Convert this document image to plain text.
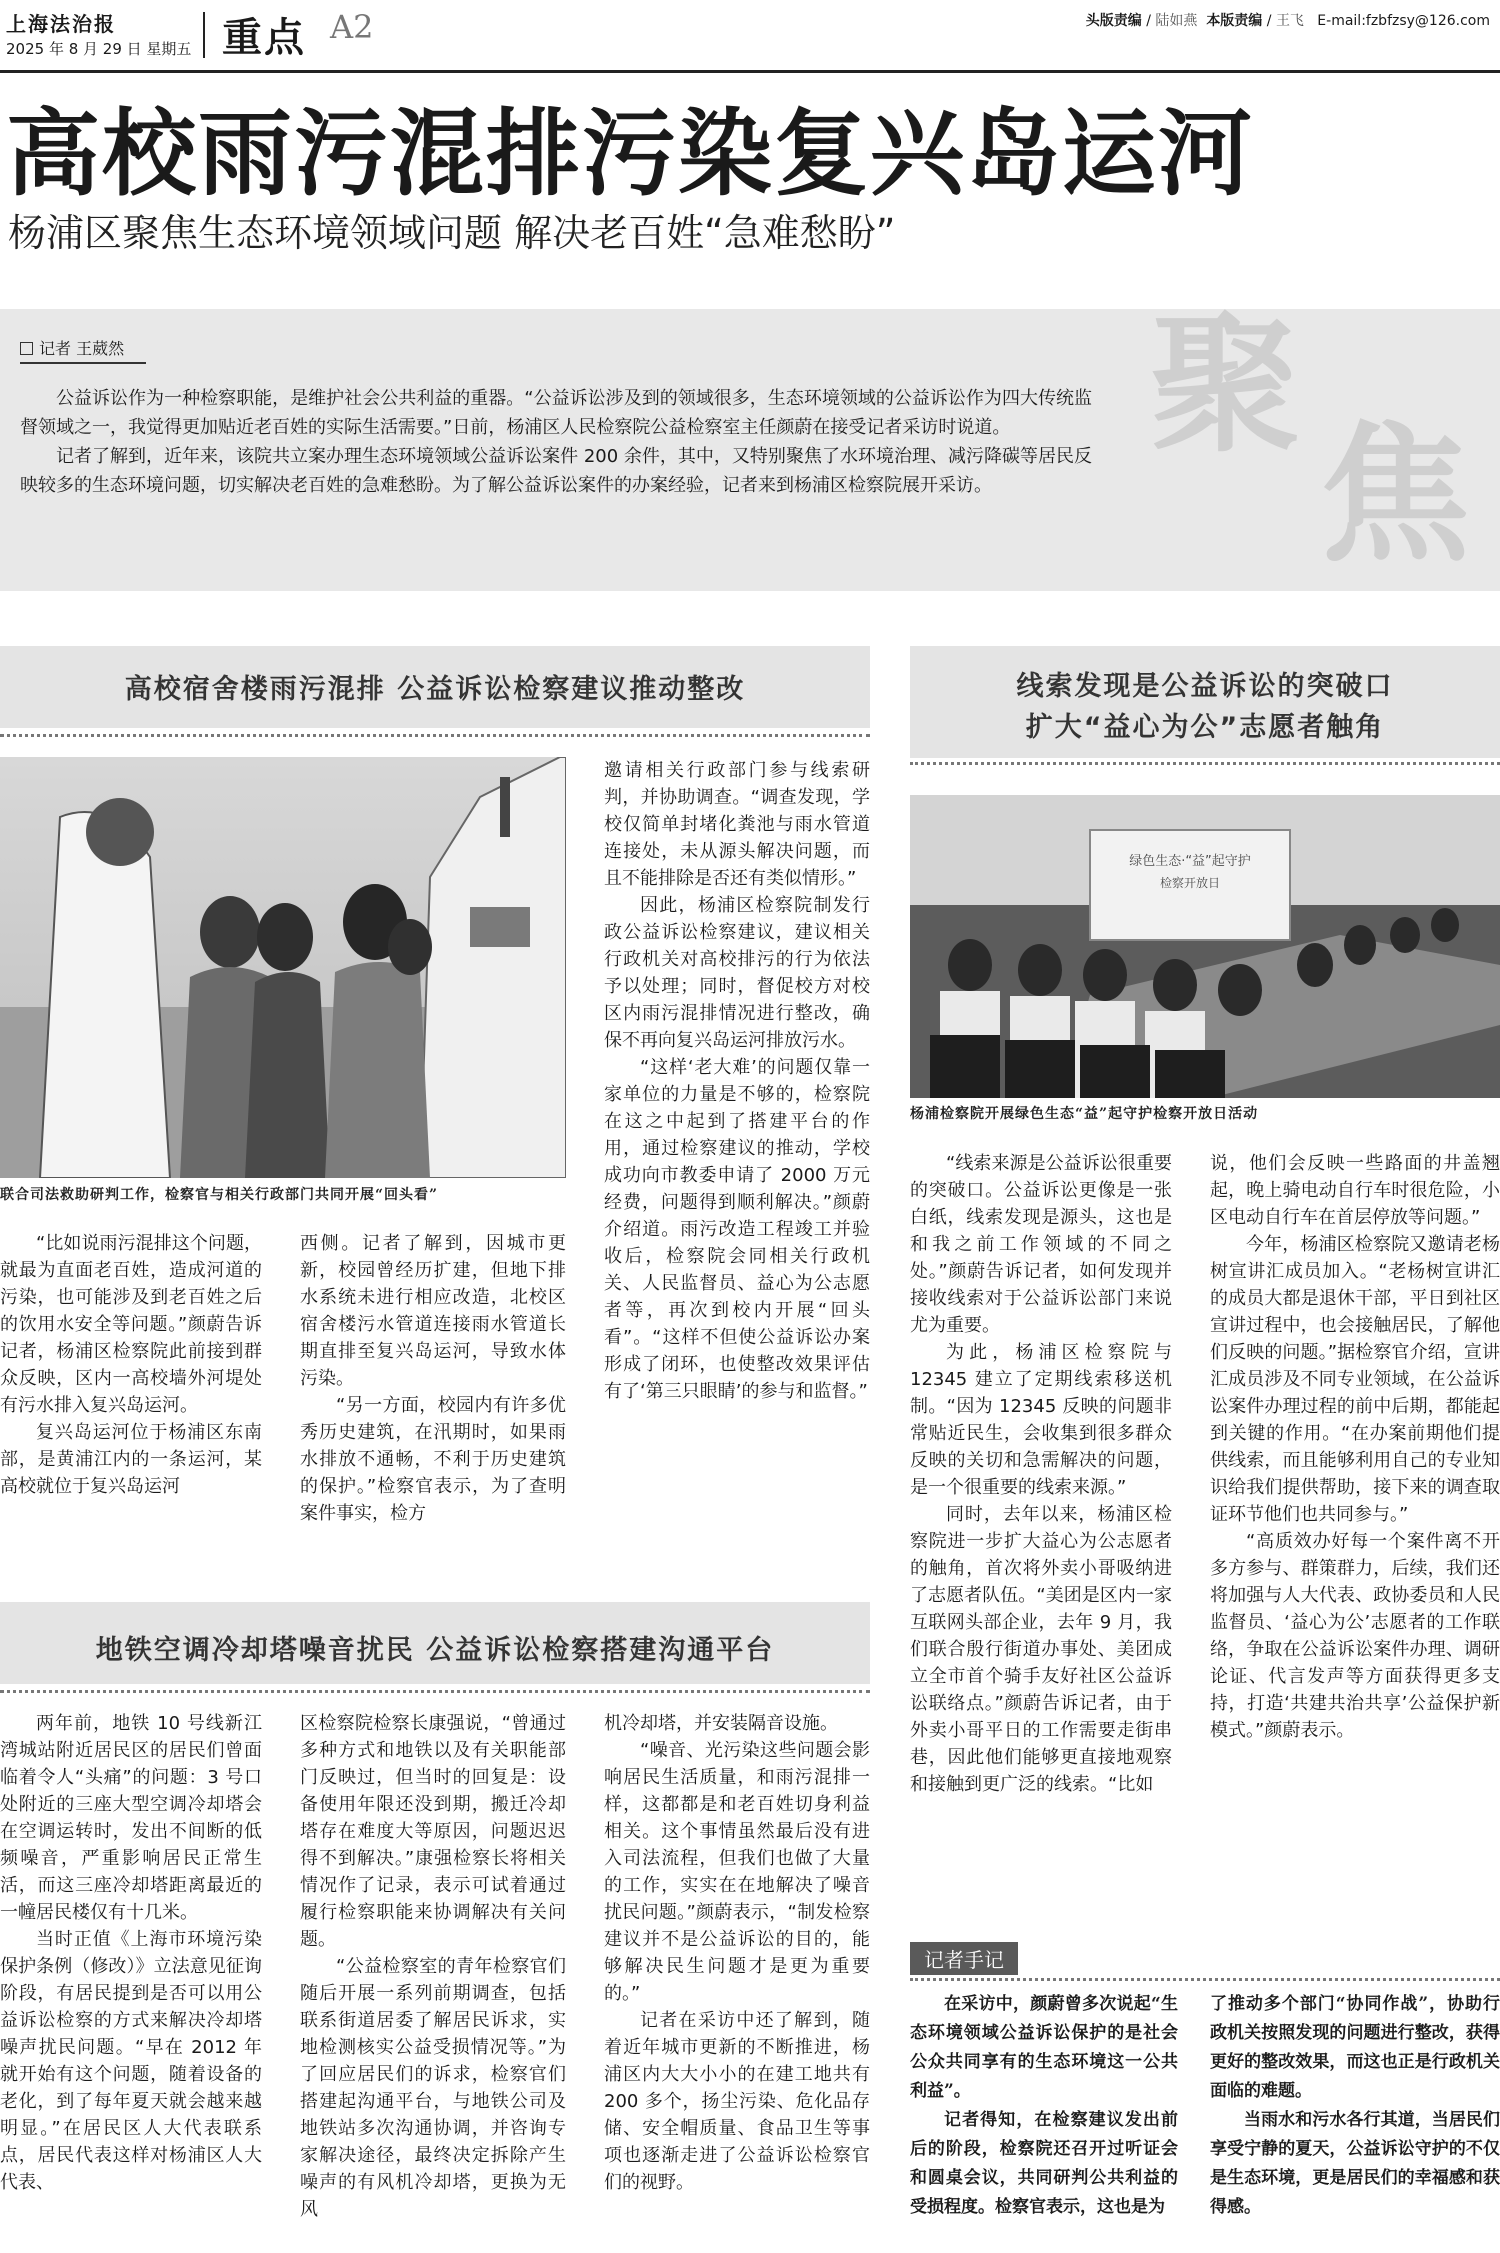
上海法治报
2025 年 8 月 29 日 星期五 重点 A2	头版责编 / 陆如燕 本版责编 / 王飞 E-mail:fzbfzsy@126.com
高校雨污混排污染复兴岛运河
杨浦区聚焦生态环境领域问题 解决老百姓“急难愁盼”
记者 王葳然

公益诉讼作为一种检察职能，是维护社会公共利益的重器。“公益诉讼涉及到的领域很多，生态环境领域的公益诉讼作为四大传统监督领域之一，我觉得更加贴近老百姓的实际生活需要。”日前，杨浦区人民检察院公益检察室主任颜蔚在接受记者采访时说道。

记者了解到，近年来，该院共立案办理生态环境领域公益诉讼案件 200 余件，其中，又特别聚焦了水环境治理、减污降碳等居民反映较多的生态环境问题，切实解决老百姓的急难愁盼。为了解公益诉讼案件的办案经验，记者来到杨浦区检察院展开采访。

聚
焦
高校宿舍楼雨污混排 公益诉讼检察建议推动整改
联合司法救助研判工作，检察官与相关行政部门共同开展“回头看”

“比如说雨污混排这个问题，就最为直面老百姓，造成河道的污染，也可能涉及到老百姓之后的饮用水安全等问题。”颜蔚告诉记者，杨浦区检察院此前接到群众反映，区内一高校墙外河堤处有污水排入复兴岛运河。

复兴岛运河位于杨浦区东南部，是黄浦江内的一条运河，某高校就位于复兴岛运河

西侧。记者了解到，因城市更新，校园曾经历扩建，但地下排水系统未进行相应改造，北校区宿舍楼污水管道连接雨水管道长期直排至复兴岛运河，导致水体污染。

“另一方面，校园内有许多优秀历史建筑，在汛期时，如果雨水排放不通畅，不利于历史建筑的保护。”检察官表示，为了查明案件事实，检方

邀请相关行政部门参与线索研判，并协助调查。“调查发现，学校仅简单封堵化粪池与雨水管道连接处，未从源头解决问题，而且不能排除是否还有类似情形。”

因此，杨浦区检察院制发行政公益诉讼检察建议，建议相关行政机关对高校排污的行为依法予以处理；同时，督促校方对校区内雨污混排情况进行整改，确保不再向复兴岛运河排放污水。

“这样‘老大难’的问题仅靠一家单位的力量是不够的，检察院在这之中起到了搭建平台的作用，通过检察建议的推动，学校成功向市教委申请了 2000 万元经费，问题得到顺利解决。”颜蔚介绍道。雨污改造工程竣工并验收后，检察院会同相关行政机关、人民监督员、益心为公志愿者等，再次到校内开展“回头看”。“这样不但使公益诉讼办案形成了闭环，也使整改效果评估有了‘第三只眼睛’的参与和监督。”

地铁空调冷却塔噪音扰民 公益诉讼检察搭建沟通平台

两年前，地铁 10 号线新江湾城站附近居民区的居民们曾面临着令人“头痛”的问题：3 号口处附近的三座大型空调冷却塔会在空调运转时，发出不间断的低频噪音，严重影响居民正常生活，而这三座冷却塔距离最近的一幢居民楼仅有十几米。

当时正值《上海市环境污染保护条例（修改）》立法意见征询阶段，有居民提到是否可以用公益诉讼检察的方式来解决冷却塔噪声扰民问题。“早在 2012 年就开始有这个问题，随着设备的老化，到了每年夏天就会越来越明显。”在居民区人大代表联系点，居民代表这样对杨浦区人大代表、

区检察院检察长康强说，“曾通过多种方式和地铁以及有关职能部门反映过，但当时的回复是：设备使用年限还没到期，搬迁冷却塔存在难度大等原因，问题迟迟得不到解决。”康强检察长将相关情况作了记录，表示可试着通过履行检察职能来协调解决有关问题。

“公益检察室的青年检察官们随后开展一系列前期调查，包括联系街道居委了解居民诉求，实地检测核实公益受损情况等。”为了回应居民们的诉求，检察官们搭建起沟通平台，与地铁公司及地铁站多次沟通协调，并咨询专家解决途径，最终决定拆除产生噪声的有风机冷却塔，更换为无风

机冷却塔，并安装隔音设施。

“噪音、光污染这些问题会影响居民生活质量，和雨污混排一样，这都都是和老百姓切身利益相关。这个事情虽然最后没有进入司法流程，但我们也做了大量的工作，实实在在地解决了噪音扰民问题。”颜蔚表示，“制发检察建议并不是公益诉讼的目的，能够解决民生问题才是更为重要的。”

记者在采访中还了解到，随着近年城市更新的不断推进，杨浦区内大大小小的在建工地共有 200 多个，扬尘污染、危化品存储、安全帽质量、食品卫生等事项也逐渐走进了公益诉讼检察官们的视野。

线索发现是公益诉讼的突破口
扩大“益心为公”志愿者触角
绿色生态·“益”起守护
检察开放日
杨浦检察院开展绿色生态“益”起守护检察开放日活动

“线索来源是公益诉讼很重要的突破口。公益诉讼更像是一张白纸，线索发现是源头，这也是和我之前工作领域的不同之处。”颜蔚告诉记者，如何发现并接收线索对于公益诉讼部门来说尤为重要。

为此，杨浦区检察院与 12345 建立了定期线索移送机制。“因为 12345 反映的问题非常贴近民生，会收集到很多群众反映的关切和急需解决的问题，是一个很重要的线索来源。”

同时，去年以来，杨浦区检察院进一步扩大益心为公志愿者的触角，首次将外卖小哥吸纳进了志愿者队伍。“美团是区内一家互联网头部企业，去年 9 月，我们联合殷行街道办事处、美团成立全市首个骑手友好社区公益诉讼联络点。”颜蔚告诉记者，由于外卖小哥平日的工作需要走街串巷，因此他们能够更直接地观察和接触到更广泛的线索。“比如

说，他们会反映一些路面的井盖翘起，晚上骑电动自行车时很危险，小区电动自行车在首层停放等问题。”

今年，杨浦区检察院又邀请老杨树宣讲汇成员加入。“老杨树宣讲汇的成员大都是退休干部，平日到社区宣讲过程中，也会接触居民，了解他们反映的问题。”据检察官介绍，宣讲汇成员涉及不同专业领域，在公益诉讼案件办理过程的前中后期，都能起到关键的作用。“在办案前期他们提供线索，而且能够利用自己的专业知识给我们提供帮助，接下来的调查取证环节他们也共同参与。”

“高质效办好每一个案件离不开多方参与、群策群力，后续，我们还将加强与人大代表、政协委员和人民监督员、‘益心为公’志愿者的工作联络，争取在公益诉讼案件办理、调研论证、代言发声等方面获得更多支持，打造‘共建共治共享’公益保护新模式。”颜蔚表示。

记者手记

在采访中，颜蔚曾多次说起“生态环境领域公益诉讼保护的是社会公众共同享有的生态环境这一公共利益”。

记者得知，在检察建议发出前后的阶段，检察院还召开过听证会和圆桌会议，共同研判公共利益的受损程度。检察官表示，这也是为

了推动多个部门“协同作战”，协助行政机关按照发现的问题进行整改，获得更好的整改效果，而这也正是行政机关面临的难题。

当雨水和污水各行其道，当居民们享受宁静的夏天，公益诉讼守护的不仅是生态环境，更是居民们的幸福感和获得感。
